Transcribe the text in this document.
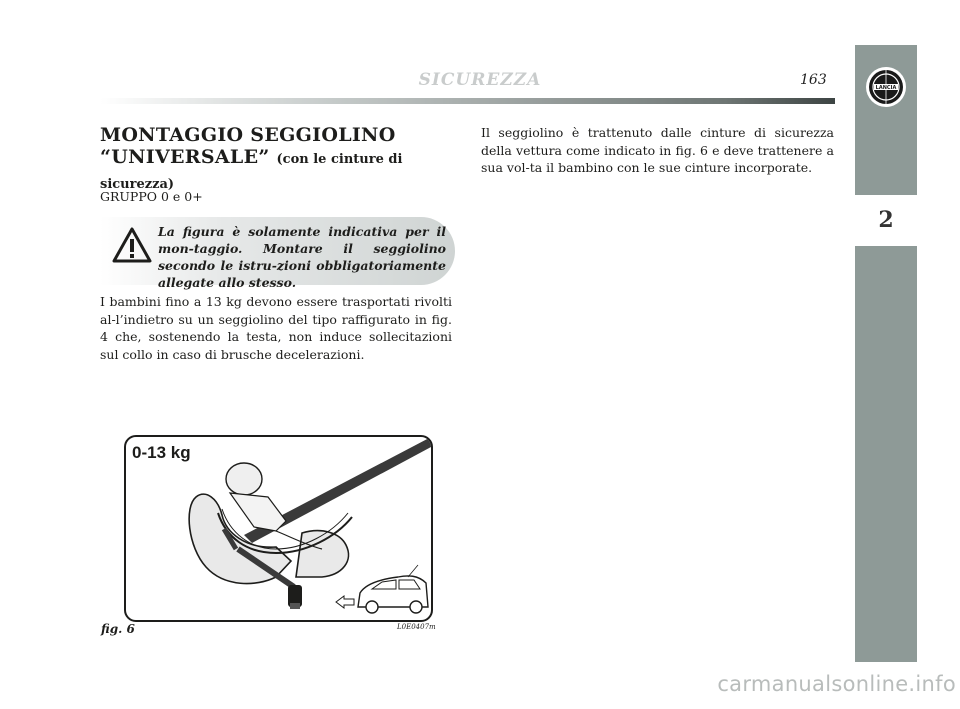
SICUREZZA	163	LANCIA
2
MONTAGGIO SEGGIOLINO “UNIVERSALE” (con le cinture di sicurezza)
GRUPPO 0 e 0+
La figura è solamente indicativa per il mon-taggio. Montare il seggiolino secondo le istru-zioni obbligatoriamente allegate allo stesso.

I bambini fino a 13 kg devono essere trasportati rivolti al-l’indietro su un seggiolino del tipo raffigurato in fig. 4 che, sostenendo la testa, non induce sollecitazioni sul collo in caso di brusche decelerazioni.

Il seggiolino è trattenuto dalle cinture di sicurezza della vettura come indicato in fig. 6 e deve trattenere a sua vol-ta il bambino con le sue cinture incorporate.

0-13 kg
fig. 6	L0E0407m
carmanualsonline.info
